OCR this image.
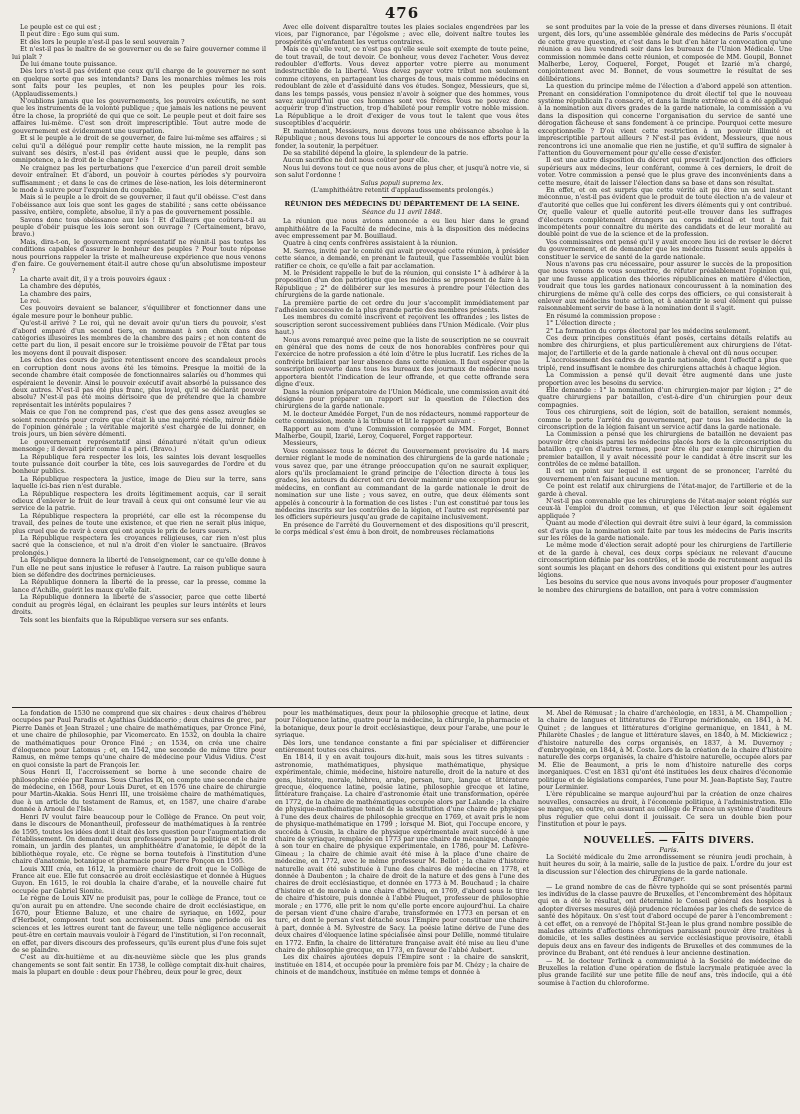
476

Le peuple est ce qui est ;

Il peut dire : Ego sum qui sum.

Et dès lors le peuple n'est-il pas le seul souverain ?

Et n'est-il pas le maître de se gouverner ou de se faire gouverner comme il lui plaît ?

De lui émane toute puissance.

Dès lors n'est-il pas évident que ceux qu'il charge de le gouverner ne sont en quelque sorte que ses intendants? Dans les monarchies mêmes les rois sont faits pour les peuples, et non les peuples pour les rois. (Applaudissements.)

N'oublions jamais que les gouvernements, les pouvoirs exécutifs, ne sont que les instruments de la volonté publique ; que jamais les nations ne peuvent être la chose, la propriété de qui que ce soit. Le peuple peut et doit faire ses affaires lui-même. C'est son droit imprescriptible. Tout autre mode de gouvernement est évidemment une usurpation.

Et si le peuple a le droit de se gouverner, de faire lui-même ses affaires ; si celui qu'il a délégué pour remplir cette haute mission, ne la remplit pas suivant ses désirs, n'est-il pas évident aussi que le peuple, dans son omnipotence, a le droit de le changer ?

Ne craignez pas les perturbations que l'exercice d'un pareil droit semble devoir entraîner. Et d'abord, un pouvoir à courtes périodes s'y pourvoira suffisamment ; et dans le cas de crimes de lèse-nation, les lois détermineront le mode à suivre pour l'expulsion du coupable.

Mais si le peuple a le droit de se gouverner, il faut qu'il obéisse. C'est dans l'obéissance aux lois que sont les gages de stabilité ; sans cette obéissance passive, entière, complète, absolue, il n'y a pas de gouvernement possible.

Savons donc tous obéissance aux lois ! Et d'ailleurs que coûtera-t-il au peuple d'obéir puisque les lois seront son ouvrage ? (Certainement, bravo, bravo.)

Mais, dira-t-on, le gouvernement représentatif ne réunit-il pas toutes les conditions capables d'assurer le bonheur des peuples ? Pour toute réponse nous pourrions rappeler la triste et malheureuse expérience que nous venons d'en faire. Ce gouvernement était-il autre chose qu'un absolutisme imposteur ?

La charte avait dit, il y a trois pouvoirs égaux :

La chambre des députés,

La chambre des pairs,

Le roi.

Ces pouvoirs devaient se balancer, s'équilibrer et fonctionner dans une égale mesure pour le bonheur public.

Qu'est-il arrivé ? Le roi, qui ne devait avoir qu'un tiers du pouvoir, s'est d'abord emparé d'un second tiers, en nommant à son choix dans des catégories illusoires les membres de la chambre des pairs ; et non content de cette part du lion, il pesait encore sur le troisième pouvoir de l'État par tous les moyens dont il pouvait disposer.

Les échos des cours de justice retentissent encore des scandaleux procès en corruption dont nous avons été les témoins. Presque la moitié de la seconde chambre était composée de fonctionnaires salariés ou d'hommes qui espéraient le devenir. Ainsi le pouvoir exécutif avait absorbé la puissance des deux autres. N'est-il pas été plus franc, plus loyal, qu'il se déclarât pouvoir absolu? N'est-il pas été moins dérisoire que de prétendre que la chambre représentait les intérêts populaires ?

Mais ce que l'on ne comprend pas, c'est que des gens assez aveugles se soient rencontrés pour croire que c'était là une majorité réelle, miroir fidèle de l'opinion générale ; la véritable majorité s'est chargée de lui donner, en trois jours, un bien sévère démenti.

Le gouvernement représentatif ainsi dénaturé n'était qu'un odieux mensonge ; il devait périr comme il a péri. (Bravo.)

La République fera respecter les lois, les saintes lois devant lesquelles toute puissance doit courber la tête, ces lois sauvegardes de l'ordre et du bonheur publics.

La République respectera la justice, image de Dieu sur la terre, sans laquelle ici-bas rien n'est durable.

La République respectera les droits légitimement acquis, car il serait odieux d'enlever le fruit de leur travail à ceux qui ont consumé leur vie au service de la patrie.

La République respectera la propriété, car elle est la récompense du travail, des peines de toute une existence, et que rien ne serait plus inique, plus cruel que de ravir à ceux qui ont acquis le prix de leurs sueurs.

La République respectera les croyances religieuses, car rien n'est plus sacré que la conscience, et nul n'a droit d'en violer le sanctuaire. (Bravos prolongés.)

La République donnera la liberté de l'enseignement, car ce qu'elle donne à l'un elle ne peut sans injustice le refuser à l'autre. La raison publique saura bien se défendre des doctrines pernicieuses.

La République donnera la liberté de la presse, car la presse, comme la lance d'Achille, guérit les maux qu'elle fait.

La République donnera la liberté de s'associer, parce que cette liberté conduit au progrès légal, en éclairant les peuples sur leurs intérêts et leurs droits.

Tels sont les bienfaits que la République versera sur ses enfants.

Avec elle doivent disparaître toutes les plaies sociales engendrées par les vices, par l'ignorance, par l'égoïsme ; avec elle, doivent naître toutes les prospérités qu'enfantent les vertus contraires.

Mais ce qu'elle veut, ce n'est pas qu'elle seule soit exempte de toute peine, de tout travail, de tout devoir. Ce bonheur, vous devez l'acheter. Vous devez redoubler d'efforts. Vous devez apporter votre pierre au monument indestructible de la liberté. Vous devez payer votre tribut non seulement comme citoyens, en partageant les charges de tous, mais comme médecins en redoublant de zèle et d'assiduité dans vos études. Songez, Messieurs, que si, dans les temps passés, vous pensiez n'avoir à soigner que des hommes, vous savez aujourd'hui que ces hommes sont vos frères. Vous ne pouvez donc acquérir trop d'instruction, trop d'habileté pour remplir votre noble mission. La République a le droit d'exiger de vous tout le talent que vous êtes susceptibles d'acquérir.

Et maintenant, Messieurs, nous devons tous une obéissance absolue à la République ; nous devons tous lui apporter le concours de nos efforts pour la fonder, la soutenir, la perpétuer.

De sa stabilité dépend la gloire, la splendeur de la patrie.

Aucun sacrifice ne doit nous coûter pour elle.

Nous lui devons tout ce que nous avons de plus cher, et jusqu'à notre vie, si son salut l'ordonne !

Salus populi suprema lex.

(L'amphithéâtre retentit d'applaudissements prolongés.)

RÉUNION DES MÉDECINS DU DÉPARTEMENT DE LA SEINE.

Séance du 11 avril 1848.

La réunion que nous avions annoncée a eu lieu hier dans le grand amphithéâtre de la Faculté de médecine, mis à la disposition des médecins avec empressement par M. Bouillaud.

Quatre à cinq cents confrères assistaient à la réunion.

M. Serres, invité par le comité qui avait provoqué cette réunion, à présider cette séance, a demandé, en prenant le fauteuil, que l'assemblée voulût bien ratifier ce choix, ce qu'elle a fait par acclamation.

M. le Président rappelle le but de la réunion, qui consiste 1° à adhérer à la proposition d'un don patriotique que les médecins se proposent de faire à la République ; 2° de délibérer sur les mesures à prendre pour l'élection des chirurgiens de la garde nationale.

La première partie de cet ordre du jour s'accomplit immédiatement par l'adhésion successive de la plus grande partie des membres présents.

Les membres du comité inscrivent et reçoivent les offrandes ; les listes de souscription seront successivement publiées dans l'Union Médicale. (Voir plus haut.)

Nous avons remarqué avec peine que la liste de souscription ne se couvrait en général que des noms de ceux de nos honorables confrères pour qui l'exercice de notre profession a été loin d'être le plus lucratif. Les riches de la confrérie brillaient par leur absence dans cette réunion. Il faut espérer que la souscription ouverte dans tous les bureaux des journaux de médecine nous apportera bientôt l'indication de leur offrande, et que cette offrande sera digne d'eux.

Dans la réunion préparatoire de l'Union Médicale, une commission avait été désignée pour préparer un rapport sur la question de l'élection des chirurgiens de la garde nationale.

M. le docteur Amédée Forget, l'un de nos rédacteurs, nommé rapporteur de cette commission, monte à la tribune et lit le rapport suivant :

Rapport au nom d'une Commission composée de MM. Forget, Bonnet Malherbe, Goupil, Izarié, Leroy, Coquerel, Forget rapporteur.

Messieurs,

Vous connaissez tous le décret du Gouvernement provisoire du 14 mars dernier réglant le mode de nomination des chirurgiens de la garde nationale ; vous savez que, par une étrange préoccupation qu'on ne saurait expliquer, alors qu'ils proclamaient le grand principe de l'élection directe à tous les grades, les auteurs du décret ont cru devoir maintenir une exception pour les médecins, en confiant au commandant de la garde nationale le droit de nomination sur une liste ; vous savez, en outre, que deux éléments sont appelés à concourir à la formation de ces listes : l'un est constitué par tous les médecins inscrits sur les contrôles de la légion, et l'autre est représenté par les officiers supérieurs jusqu'au grade de capitaine inclusivement.

En présence de l'arrêté du Gouvernement et des dispositions qu'il prescrit, le corps médical s'est ému à bon droit, de nombreuses réclamations

se sont produites par la voie de la presse et dans diverses réunions. Il était urgent, dès lors, qu'une assemblée générale des médecins de Paris s'occupât de cette grave question, et c'est dans le but d'en hâter la convocation qu'une réunion a eu lieu vendredi soir dans les bureaux de l'Union Médicale. Une commission nommée dans cette réunion, et composée de MM. Goupil, Bonnet Malherbe, Leroy, Coquerel, Forget, Pouget et Izarié m'a chargé, conjointement avec M. Bonnet, de vous soumettre le résultat de ses délibérations.

La question du principe même de l'élection a d'abord appelé son attention. Prenant en considération l'omnipotence du droit électif tel que le nouveau système républicain l'a consacré, et dans la limite extrême où il a été appliqué à la nomination aux divers grades de la garde nationale, la commission a vu dans la disposition qui concerne l'organisation du service de santé une dérogation fâcheuse et sans fondement à ce principe. Pourquoi cette mesure exceptionnelle ? D'où vient cette restriction à un pouvoir illimité et imprescriptible partout ailleurs ? N'est-il pas évident, Messieurs, que nous rencontrons ici une anomalie que rien ne justifie, et qu'il suffira de signaler à l'attention du Gouvernement pour qu'elle cesse d'exister.

Il est une autre disposition du décret qui prescrit l'adjonction des officiers supérieurs aux médecins, leur conférant, comme à ces derniers, le droit de voter. Votre commission a pensé que le plus grave des inconvénients dans a cette mesure, était de laisser l'élection dans sa base et dans son résultat.

En effet, et on est surpris que cette vérité ait pu être un seul instant méconnue, n'est-il pas évident que le produit de toute élection n'a de valeur et d'autorité que celles que lui confèrent les divers éléments qui y ont contribué. Or, quelle valeur et quelle autorité peut-elle trouver dans les suffrages d'électeurs complètement étrangers au corps médical et tout à fait incompétents pour connaître du mérite des candidats et de leur moralité au double point de vue de la science et de la profession.

Vos commissaires ont pensé qu'il y avait encore lieu ici de reviser le décret du gouvernement, et de demander que les médecins fussent seuls appelés à constituer le service de santé de la garde nationale.

Nous n'avons pas cru nécessaire, pour assurer le succès de la proposition que nous venons de vous soumettre, de réfuter préalablement l'opinion qui, par une fausse application des théories républicaines en matière d'élection, voudrait que tous les gardes nationaux concourussent à la nomination des chirurgiens de même qu'à celle des corps des officiers, ce qui consisterait à enlever aux médecins toute action, et à anéantir le seul élément qui puisse raisonnablement servir de base à la nomination dont il s'agit.

En résumé la commission propose :

1° L'élection directe ;

2° La formation du corps électoral par les médecins seulement.

Ces deux principes constitués étant posés, certains détails relatifs au nombre des chirurgiens, et plus particulièrement aux chirurgiens de l'état-major, de l'artillerie et de la garde nationale à cheval ont dû nous occuper.

L'accroissement des cadres de la garde nationale, dont l'effectif a plus que triplé, rend insuffisant le nombre des chirurgiens attachés à chaque légion.

La Commission a pensé qu'il devait être augmenté dans une juste proportion avec les besoins du service.

Elle demande : 1° la nomination d'un chirurgien-major par légion ; 2° de quatre chirurgiens par bataillon, c'est-à-dire d'un chirurgien pour deux compagnies.

Tous ces chirurgiens, soit de légion, soit de bataillon, seraient nommés, comme le porte l'arrêté du gouvernement, par tous les médecins de la circonscription de la légion faisant un service actif dans la garde nationale.

La Commission a pensé que les chirurgiens de bataillon ne devaient pas pouvoir être choisis parmi les médecins placés hors de la circonscription du bataillon ; qu'en d'autres termes, pour être élu par exemple chirurgien du premier bataillon, il y avait nécessité pour le candidat à être inscrit sur les contrôles de ce même bataillon.

Il est un point sur lequel il est urgent de se prononcer, l'arrêté du gouvernement n'en faisant aucune mention.

Ce point est relatif aux chirurgiens de l'état-major, de l'artillerie et de la garde à cheval.

N'est-il pas convenable que les chirurgiens de l'état-major soient réglés sur ceux-là l'emploi du droit commun, et que l'élection leur soit également appliquée ?

Quant au mode d'élection qui devrait être suivi à leur égard, la commission est d'avis que la nomination soit faite par tous les médecins de Paris inscrits sur les rôles de la garde nationale.

Le même mode d'élection serait adopté pour les chirurgiens de l'artillerie et de la garde à cheval, ces deux corps spéciaux ne relevant d'aucune circonscription définie par les contrôles, et le mode de recrutement auquel ils sont soumis les plaçant en dehors des conditions qui existent pour les autres légions.

Les besoins du service que nous avons invoqués pour proposer d'augmenter le nombre des chirurgiens de bataillon, ont para à votre commission

La fondation de 1530 ne comprend que six chaires : deux chaires d'hébreu occupées par Paul Paradis et Agathias Guiddacerio ; deux chaires de grec, par Pierre Danès et Jean Strazel ; une chaire de mathématiques, par Oronce Finé, et une chaire de philosophie, par Vicomercato. En 1532, on doubla la chaire de mathématiques pour Oronce Finé ; en 1534, on créa une chaire d'éloquence pour Latomus ; et, en 1542, une seconde de même titre pour Ramus, en même temps qu'une chaire de médecine pour Vidus Vidius. C'est en quoi consiste la part de François Ier.

Sous Henri II, l'accroissement se borne à une seconde chaire de philosophie créée par Ramus. Sous Charles IX, on compte une seconde chaire de médecine, en 1568, pour Louis Duret, et en 1576 une chaire de chirurgie pour Martin-Akakia. Sous Henri III, une troisième chaire de mathématiques, due à un article du testament de Ramus, et, en 1587, une chaire d'arabe donnée à Arnoul de l'Isle.

Henri IV voulut faire beaucoup pour le Collège de France. On peut voir, dans le discours de Monantheuil, professeur de mathématiques à la rentrée de 1595, toutes les idées dont il était dès lors question pour l'augmentation de l'établissement. On demandait deux professeurs pour la politique et le droit romain, un jardin des plantes, un amphithéâtre d'anatomie, le dépôt de la bibliothèque royale, etc. Ce règne se borna toutefois à l'institution d'une chaire d'anatomie, botanique et pharmacie pour Pierre Ponçon en 1595.

Louis XIII créa, en 1612, la première chaire de droit que le Collège de France ait eue. Elle fut consacrée au droit ecclésiastique et donnée à Hugues Guyon. En 1615, le roi doubla la chaire d'arabe, et la nouvelle chaire fut occupée par Gabriel Sionite.

Le règne de Louis XIV ne produisit pas, pour le collège de France, tout ce qu'on aurait pu en attendre. Une seconde chaire de droit ecclésiastique, en 1670, pour Étienne Baluze, et une chaire de syriaque, en 1692, pour d'Herbelot, composent tout son accroissement. Dans une période où les sciences et les lettres eurent tant de faveur, une telle négligence accuserait peut-être en certain mauvais vouloir à l'égard de l'institution, si l'on reconnaît, en effet, par divers discours des professeurs, qu'ils eurent plus d'une fois sujet de se plaindre.

C'est au dix-huitième et au dix-neuvième siècle que les plus grands changements se sont fait sentir. En 1738, le collège comptait dix-huit chaires, mais la plupart en double : deux pour l'hébreu, deux pour le grec, deux

pour les mathématiques, deux pour la philosophie grecque et latine, deux pour l'éloquence latine, quatre pour la médecine, la chirurgie, la pharmacie et la botanique, deux pour le droit ecclésiastique, deux pour l'arabe, une pour le syriaque.

Dès lors, une tendance constante a fini par spécialiser et différencier entièrement toutes ces chaires.

En 1814, il y en avait toujours dix-huit, mais sous les titres suivants : astronomie, mathématiques, physique mathématique, physique expérimentale, chimie, médecine, histoire naturelle, droit de la nature et des gens, histoire, morale, hébreu, arabe, persan, turc, langue et littérature grecque, éloquence latine, poésie latine, philosophie grecque et latine, littérature française. La chaire d'astronomie était une transformation, opérée en 1772, de la chaire de mathématiques occupée alors par Lalande ; la chaire de physique-mathématique tenait de la substitution d'une chaire de physique à l'une des deux chaires de philosophie grecque en 1769, et avait pris le nom de physique-mathématique en 1799 ; lorsque M. Biot, qui l'occupe encore, y succéda à Cousin, la chaire de physique expérimentale avait succédé à une chaire de syriaque, remplacée en 1773 par une chaire de mécanique, changée à son tour en chaire de physique expérimentale, en 1786, pour M. Lefèvre-Gineau ; la chaire de chimie avait été mise à la place d'une chaire de médecine, en 1772, avec le même professeur M. Bellot ; la chaire d'histoire naturelle avait été substituée à l'une des chaires de médecine en 1778, et donnée à Daubenton ; la chaire de droit de la nature et des gens à l'une des chaires de droit ecclésiastique, et donnée en 1773 à M. Bouchaud ; la chaire d'histoire et de morale à une chaire d'hébreu, en 1769, d'abord sous le titre de chaire d'histoire, puis donnée à l'abbé Pluquet, professeur de philosophie morale ; en 1776, elle prit le nom qu'elle porte encore aujourd'hui. La chaire de persan vient d'une chaire d'arabe, transformée en 1773 en persan et en turc, et dont le persan s'est détaché sous l'Empire pour constituer une chaire à part, donnée à M. Sylvestre de Sacy. La poésie latine dérive de l'une des deux chaires d'éloquence latine spécialisée ainsi pour Delille, nommé titulaire en 1772. Enfin, la chaire de littérature française avait été mise au lieu d'une chaire de philosophie grecque, en 1773, en faveur de l'abbé Aubert.

Les dix chaires ajoutées depuis l'Empire sont : la chaire de sanskrit, instituée en 1814, et occupée pour la première fois par M. Chézy ; la chaire de chinois et de mandchoux, instituée en même temps et donnée à

M. Abel de Rémusat ; la chaire d'archéologie, en 1831, à M. Champollion ; la chaire de langues et littératures de l'Europe méridionale, en 1841, à M. Quinet ; de langues et littératures d'origine germanique, en 1841, à M. Philarète Chasles ; de langue et littérature slaves, en 1840, à M. Mickiewicz ; d'histoire naturelle des corps organisés, en 1837, à M. Duvernoy ; d'embryogénie, en 1844, à M. Coste. Lors de la création de la chaire d'histoire naturelle des corps organisés, la chaire d'histoire naturelle, occupée alors par M. Élie de Beaumont, a pris le nom d'histoire naturelle des corps inorganiques. C'est en 1831 qu'ont été instituées les deux chaires d'économie politique et de législations comparées, l'une pour M. Jean-Baptiste Say, l'autre pour Lerminier.

L'ère républicaine se marque aujourd'hui par la création de onze chaires nouvelles, consacrées au droit, à l'économie politique, à l'administration. Elle se marque, en outre, en assurant au collège de France un système d'auditeurs plus régulier que celui dont il jouissait. Ce sera un double bien pour l'institution et pour le pays.

NOUVELLES. — FAITS DIVERS.

Paris.

La Société médicale du 2me arrondissement se réunira jeudi prochain, à huit heures du soir, à la mairie, salle de la justice de paix. L'ordre du jour est la discussion sur l'élection des chirurgiens de la garde nationale.

Étranger.

— Le grand nombre de cas de fièvre typhoïde qui se sont présentés parmi les individus de la classe pauvre de Bruxelles, et l'encombrement des hôpitaux qui en a été le résultat, ont déterminé le Conseil général des hospices à adopter diverses mesures déjà prudence réclamées par les chefs de service de santé des hôpitaux. On s'est tout d'abord occupé de parer à l'encombrement : à cet effet, on a renvoyé de l'hôpital St-Jean le plus grand nombre possible de malades atteints d'affections chroniques paraissant pouvoir être traitées à domicile, et les salles destinées au service ecclésiastique provisoire, établi depuis deux ans en faveur des indigents de Bruxelles et des communes de la province du Brabant, ont été rendues à leur ancienne destination.

— M. le docteur Terlinck a communiqué à la Société de médecine de Bruxelles la relation d'une opération de fistule lacrymale pratiquée avec la plus grande facilité sur une petite fille de neuf ans, très indocile, qui a été soumise à l'action du chloroforme.
